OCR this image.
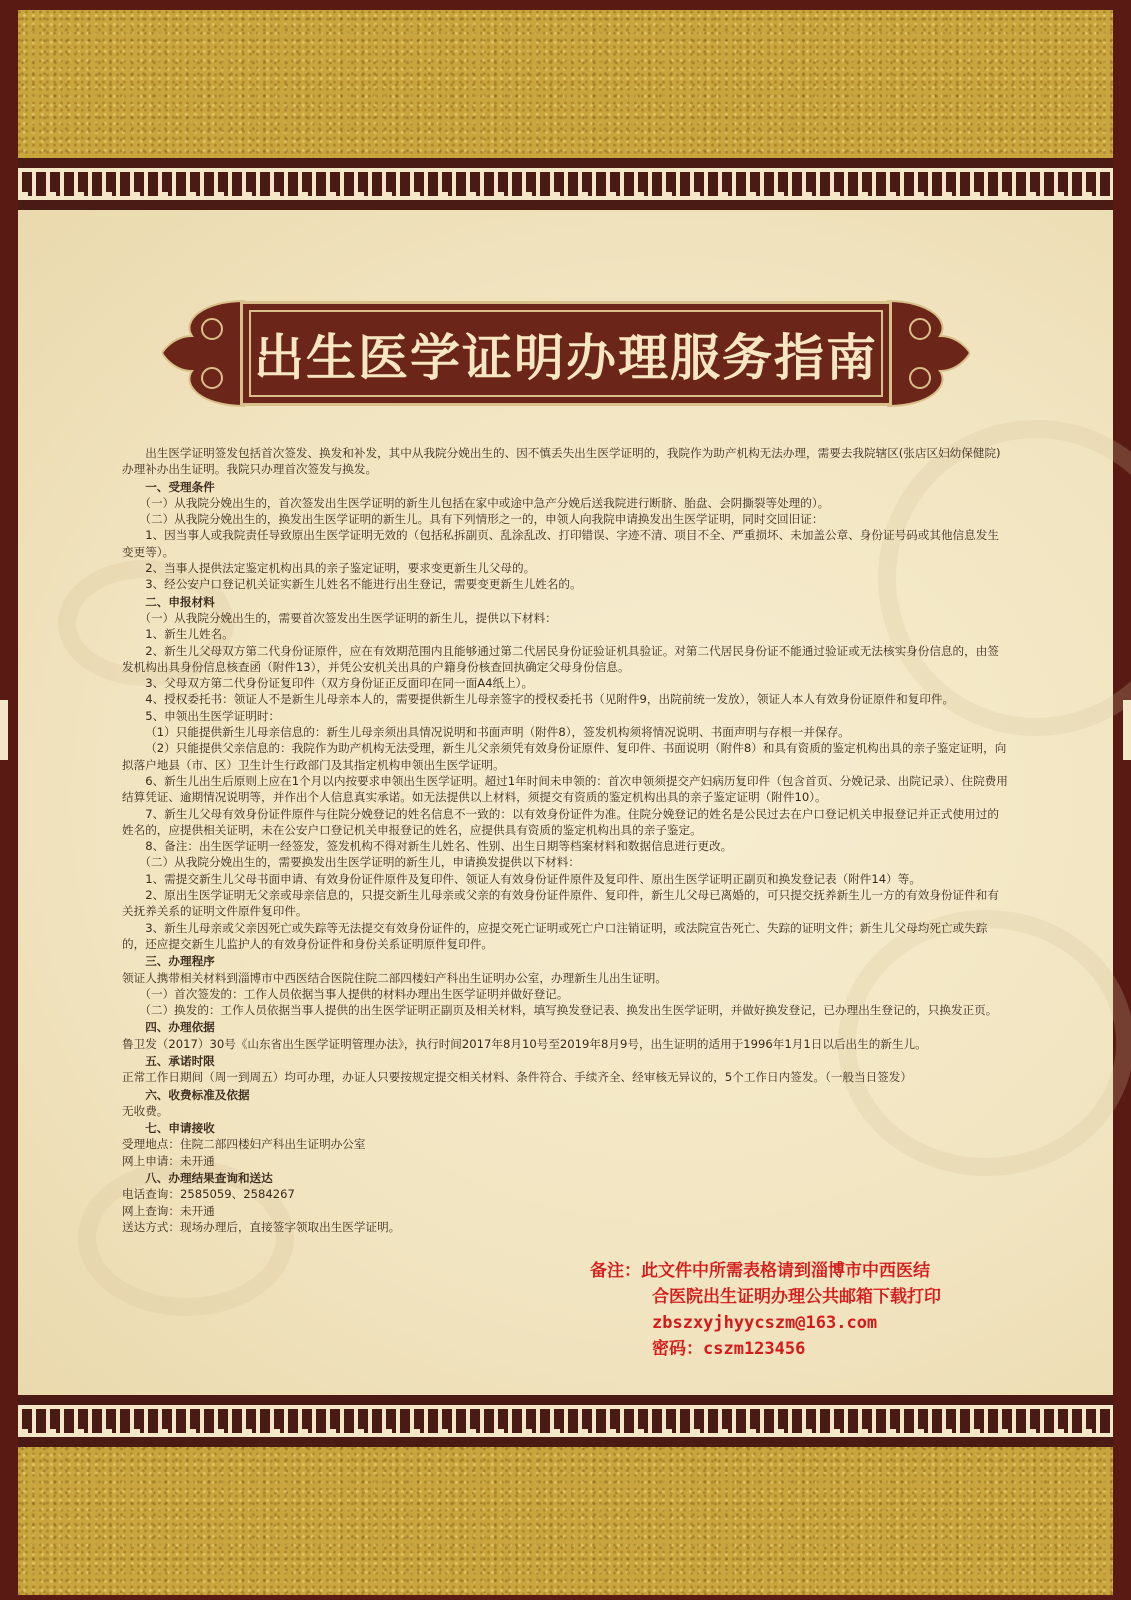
出生医学证明办理服务指南

出生医学证明签发包括首次签发、换发和补发，其中从我院分娩出生的、因不慎丢失出生医学证明的，我院作为助产机构无法办理，需要去我院辖区(张店区妇幼保健院)办理补办出生证明。我院只办理首次签发与换发。

一、受理条件

（一）从我院分娩出生的，首次签发出生医学证明的新生儿包括在家中或途中急产分娩后送我院进行断脐、胎盘、会阴撕裂等处理的）。

（二）从我院分娩出生的，换发出生医学证明的新生儿。具有下列情形之一的，申领人向我院申请换发出生医学证明，同时交回旧证：

1、因当事人或我院责任导致原出生医学证明无效的（包括私拆副页、乱涂乱改、打印错误、字迹不清、项目不全、严重损坏、未加盖公章、身份证号码或其他信息发生变更等）。

2、当事人提供法定鉴定机构出具的亲子鉴定证明，要求变更新生儿父母的。

3、经公安户口登记机关证实新生儿姓名不能进行出生登记，需要变更新生儿姓名的。

二、申报材料

（一）从我院分娩出生的，需要首次签发出生医学证明的新生儿，提供以下材料：

1、新生儿姓名。

2、新生儿父母双方第二代身份证原件，应在有效期范围内且能够通过第二代居民身份证验证机具验证。对第二代居民身份证不能通过验证或无法核实身份信息的，由签发机构出具身份信息核查函（附件13），并凭公安机关出具的户籍身份核查回执确定父母身份信息。

3、父母双方第二代身份证复印件（双方身份证正反面印在同一面A4纸上）。

4、授权委托书：领证人不是新生儿母亲本人的，需要提供新生儿母亲签字的授权委托书（见附件9，出院前统一发放），领证人本人有效身份证原件和复印件。

5、申领出生医学证明时：

（1）只能提供新生儿母亲信息的：新生儿母亲须出具情况说明和书面声明（附件8），签发机构须将情况说明、书面声明与存根一并保存。

（2）只能提供父亲信息的：我院作为助产机构无法受理，新生儿父亲须凭有效身份证原件、复印件、书面说明（附件8）和具有资质的鉴定机构出具的亲子鉴定证明，向拟落户地县（市、区）卫生计生行政部门及其指定机构申领出生医学证明。

6、新生儿出生后原则上应在1个月以内按要求申领出生医学证明。超过1年时间未申领的：首次申领须提交产妇病历复印件（包含首页、分娩记录、出院记录）、住院费用结算凭证、逾期情况说明等，并作出个人信息真实承诺。如无法提供以上材料，须提交有资质的鉴定机构出具的亲子鉴定证明（附件10）。

7、新生儿父母有效身份证件原件与住院分娩登记的姓名信息不一致的：以有效身份证件为准。住院分娩登记的姓名是公民过去在户口登记机关申报登记并正式使用过的姓名的，应提供相关证明，未在公安户口登记机关申报登记的姓名，应提供具有资质的鉴定机构出具的亲子鉴定。

8、备注：出生医学证明一经签发，签发机构不得对新生儿姓名、性别、出生日期等档案材料和数据信息进行更改。

（二）从我院分娩出生的，需要换发出生医学证明的新生儿，申请换发提供以下材料：

1、需提交新生儿父母书面申请、有效身份证件原件及复印件、领证人有效身份证件原件及复印件、原出生医学证明正副页和换发登记表（附件14）等。

2、原出生医学证明无父亲或母亲信息的，只提交新生儿母亲或父亲的有效身份证件原件、复印件，新生儿父母已离婚的，可只提交抚养新生儿一方的有效身份证件和有关抚养关系的证明文件原件复印件。

3、新生儿母亲或父亲因死亡或失踪等无法提交有效身份证件的，应提交死亡证明或死亡户口注销证明，或法院宣告死亡、失踪的证明文件；新生儿父母均死亡或失踪的，还应提交新生儿监护人的有效身份证件和身份关系证明原件复印件。

三、办理程序

领证人携带相关材料到淄博市中西医结合医院住院二部四楼妇产科出生证明办公室，办理新生儿出生证明。

（一）首次签发的：工作人员依据当事人提供的材料办理出生医学证明并做好登记。

（二）换发的：工作人员依据当事人提供的出生医学证明正副页及相关材料，填写换发登记表、换发出生医学证明，并做好换发登记，已办理出生登记的，只换发正页。

四、办理依据

鲁卫发（2017）30号《山东省出生医学证明管理办法》，执行时间2017年8月10号至2019年8月9号，出生证明的适用于1996年1月1日以后出生的新生儿。

五、承诺时限

正常工作日期间（周一到周五）均可办理，办证人只要按规定提交相关材料、条件符合、手续齐全、经审核无异议的，5个工作日内签发。（一般当日签发）

六、收费标准及依据

无收费。

七、申请接收

受理地点：住院二部四楼妇产科出生证明办公室

网上申请：未开通

八、办理结果查询和送达

电话查询：2585059、2584267

网上查询：未开通

送达方式：现场办理后，直接签字领取出生医学证明。

备注：此文件中所需表格请到淄博市中西医结
合医院出生证明办理公共邮箱下载打印
zbszxyjhyycszm@163.com
密码：cszm123456
